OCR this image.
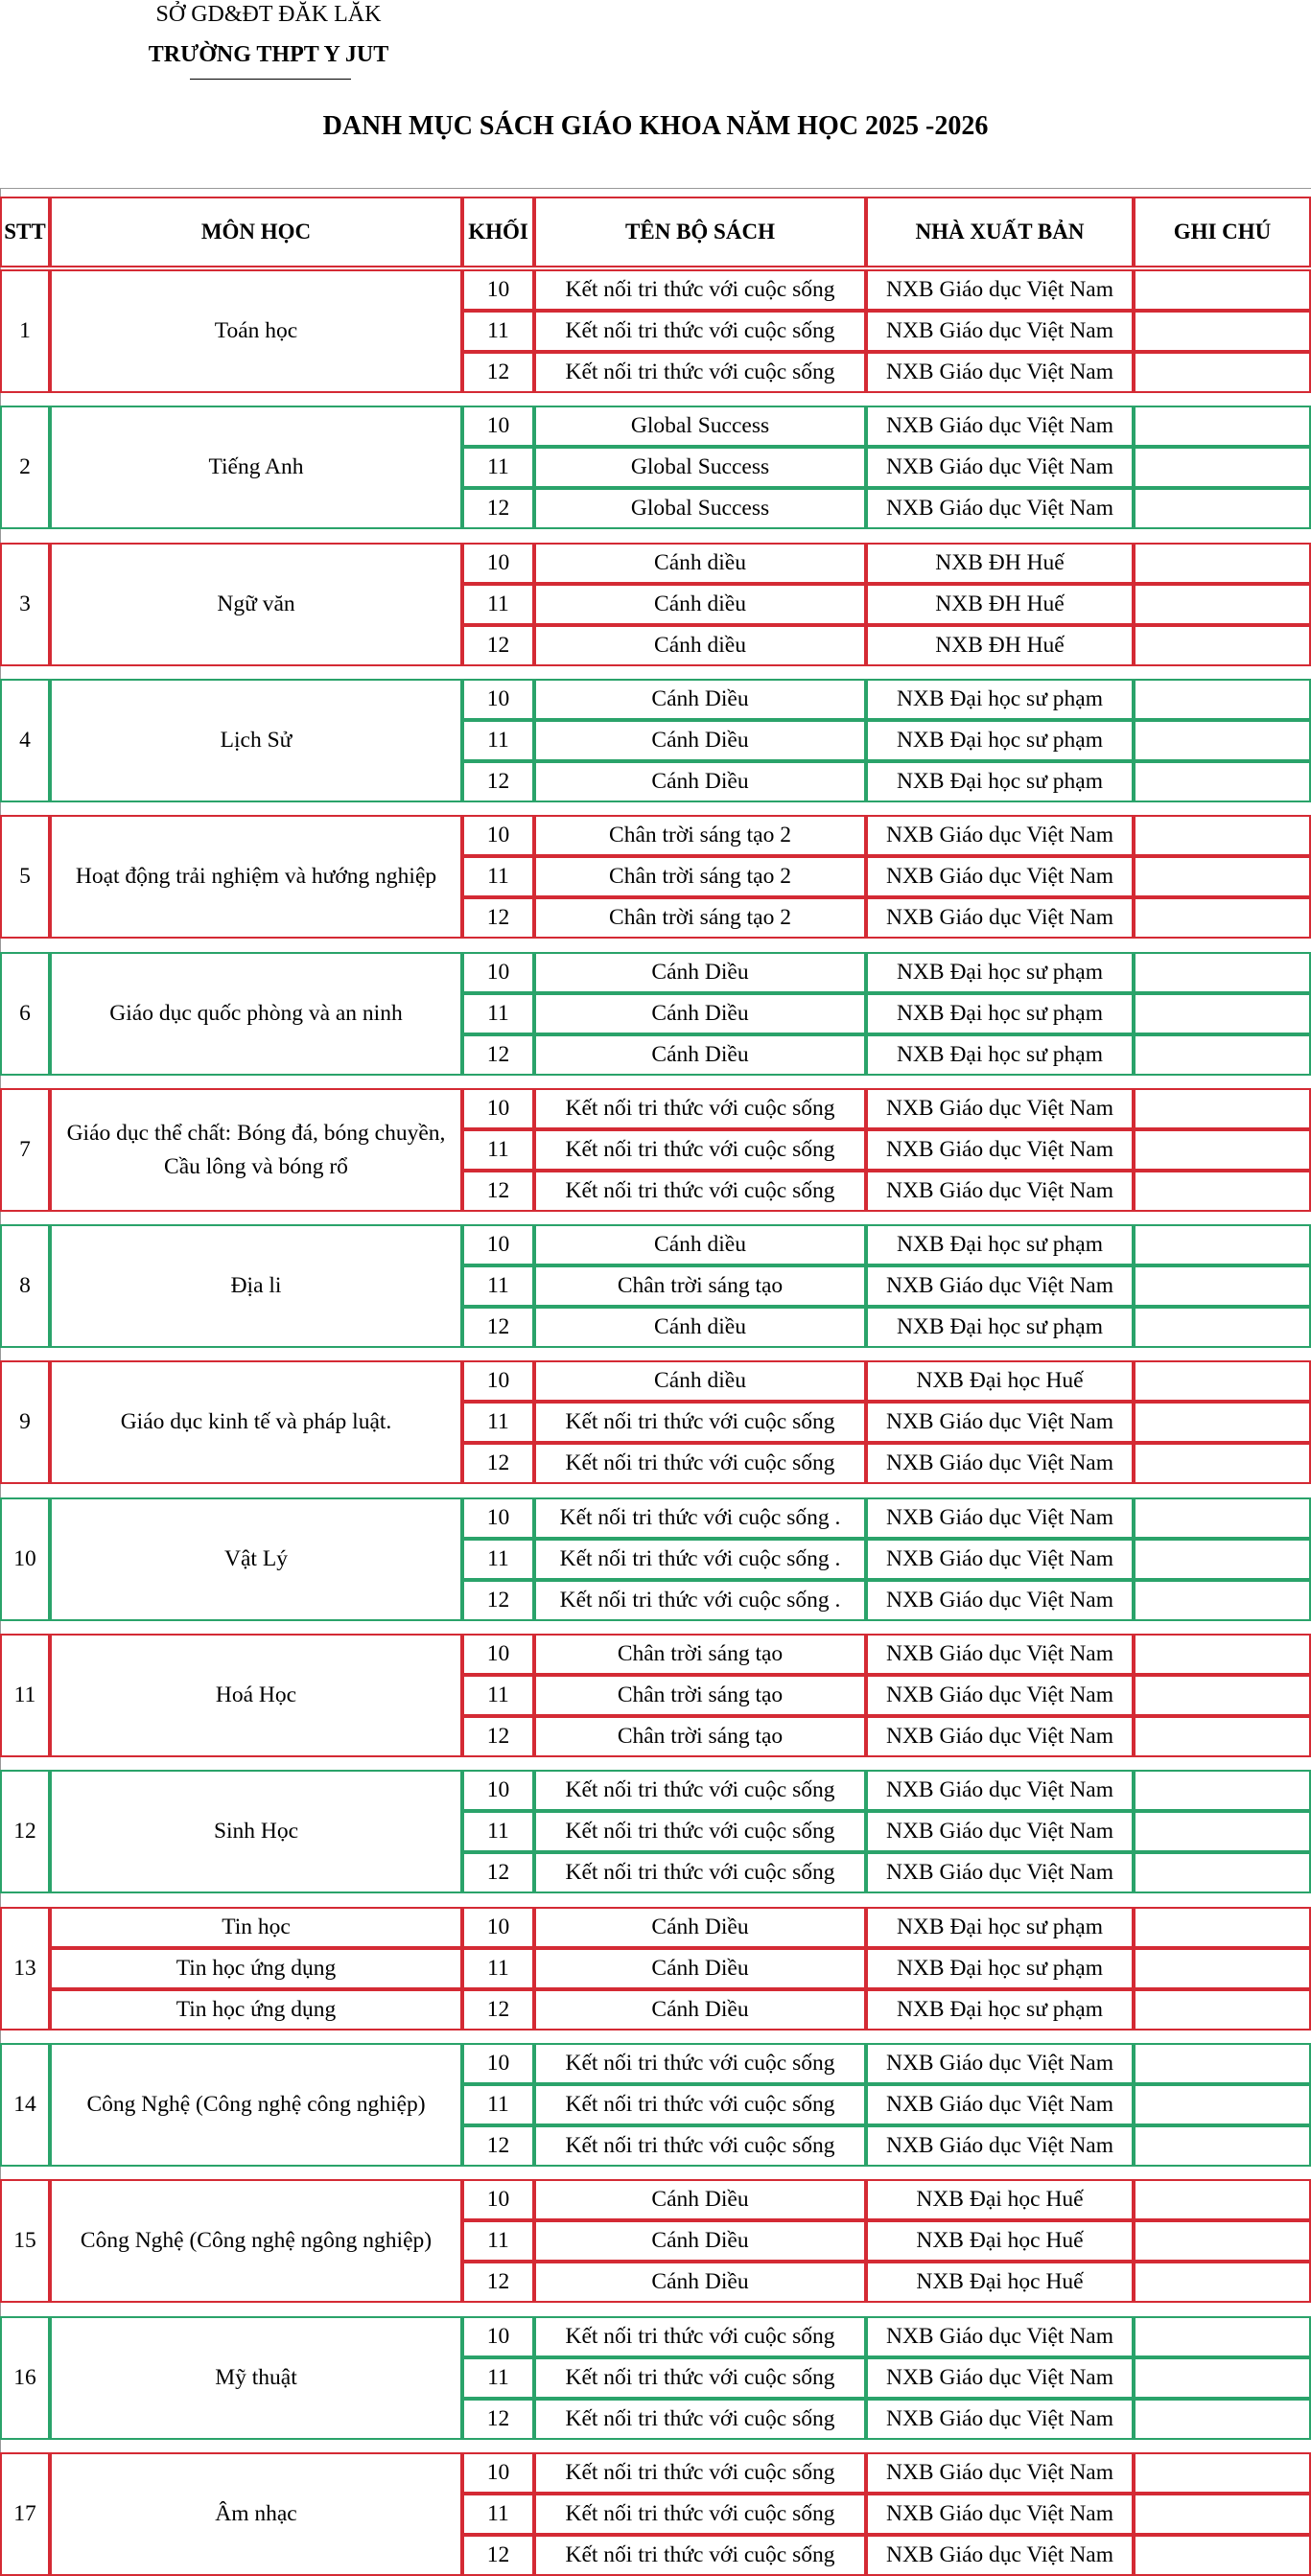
SỞ GD&ĐT ĐĂK LĂK
TRƯỜNG THPT Y JUT
DANH MỤC SÁCH GIÁO KHOA NĂM HỌC 2025 -2026
STT	MÔN HỌC	KHỐI	TÊN BỘ SÁCH	NHÀ XUẤT BẢN	GHI CHÚ
1	Toán học
10	Kết nối tri thức với cuộc sống	NXB Giáo dục Việt Nam
11	Kết nối tri thức với cuộc sống	NXB Giáo dục Việt Nam
12	Kết nối tri thức với cuộc sống	NXB Giáo dục Việt Nam
2	Tiếng Anh
10	Global Success	NXB Giáo dục Việt Nam
11	Global Success	NXB Giáo dục Việt Nam
12	Global Success	NXB Giáo dục Việt Nam
3	Ngữ văn
10	Cánh diều	NXB ĐH Huế
11	Cánh diều	NXB ĐH Huế
12	Cánh diều	NXB ĐH Huế
4	Lịch Sử
10	Cánh Diều	NXB Đại học sư phạm
11	Cánh Diều	NXB Đại học sư phạm
12	Cánh Diều	NXB Đại học sư phạm
5	Hoạt động trải nghiệm và hướng nghiệp
10	Chân trời sáng tạo 2	NXB Giáo dục Việt Nam
11	Chân trời sáng tạo 2	NXB Giáo dục Việt Nam
12	Chân trời sáng tạo 2	NXB Giáo dục Việt Nam
6	Giáo dục quốc phòng và an ninh
10	Cánh Diều	NXB Đại học sư phạm
11	Cánh Diều	NXB Đại học sư phạm
12	Cánh Diều	NXB Đại học sư phạm
7
Giáo dục thể chất: Bóng đá, bóng chuyền, Cầu lông và bóng rổ
10	Kết nối tri thức với cuộc sống	NXB Giáo dục Việt Nam
11	Kết nối tri thức với cuộc sống	NXB Giáo dục Việt Nam
12	Kết nối tri thức với cuộc sống	NXB Giáo dục Việt Nam
8	Địa li
10	Cánh diều	NXB Đại học sư phạm
11	Chân trời sáng tạo	NXB Giáo dục Việt Nam
12	Cánh diều	NXB Đại học sư phạm
9	Giáo dục kinh tế và pháp luật.
10	Cánh diều	NXB Đại học Huế
11	Kết nối tri thức với cuộc sống	NXB Giáo dục Việt Nam
12	Kết nối tri thức với cuộc sống	NXB Giáo dục Việt Nam
10	Vật Lý
10	Kết nối tri thức với cuộc sống .	NXB Giáo dục Việt Nam
11	Kết nối tri thức với cuộc sống .	NXB Giáo dục Việt Nam
12	Kết nối tri thức với cuộc sống .	NXB Giáo dục Việt Nam
11	Hoá Học
10	Chân trời sáng tạo	NXB Giáo dục Việt Nam
11	Chân trời sáng tạo	NXB Giáo dục Việt Nam
12	Chân trời sáng tạo	NXB Giáo dục Việt Nam
12	Sinh Học
10	Kết nối tri thức với cuộc sống	NXB Giáo dục Việt Nam
11	Kết nối tri thức với cuộc sống	NXB Giáo dục Việt Nam
12	Kết nối tri thức với cuộc sống	NXB Giáo dục Việt Nam
13
Tin học	10	Cánh Diều	NXB Đại học sư phạm
Tin học ứng dụng	11	Cánh Diều	NXB Đại học sư phạm
Tin học ứng dụng	12	Cánh Diều	NXB Đại học sư phạm
14	Công Nghệ (Công nghệ công nghiệp)
10	Kết nối tri thức với cuộc sống	NXB Giáo dục Việt Nam
11	Kết nối tri thức với cuộc sống	NXB Giáo dục Việt Nam
12	Kết nối tri thức với cuộc sống	NXB Giáo dục Việt Nam
15	Công Nghệ (Công nghệ ngông nghiệp)
10	Cánh Diều	NXB Đại học Huế
11	Cánh Diều	NXB Đại học Huế
12	Cánh Diều	NXB Đại học Huế
16	Mỹ thuật
10	Kết nối tri thức với cuộc sống	NXB Giáo dục Việt Nam
11	Kết nối tri thức với cuộc sống	NXB Giáo dục Việt Nam
12	Kết nối tri thức với cuộc sống	NXB Giáo dục Việt Nam
17	Âm nhạc
10	Kết nối tri thức với cuộc sống	NXB Giáo dục Việt Nam
11	Kết nối tri thức với cuộc sống	NXB Giáo dục Việt Nam
12	Kết nối tri thức với cuộc sống	NXB Giáo dục Việt Nam
